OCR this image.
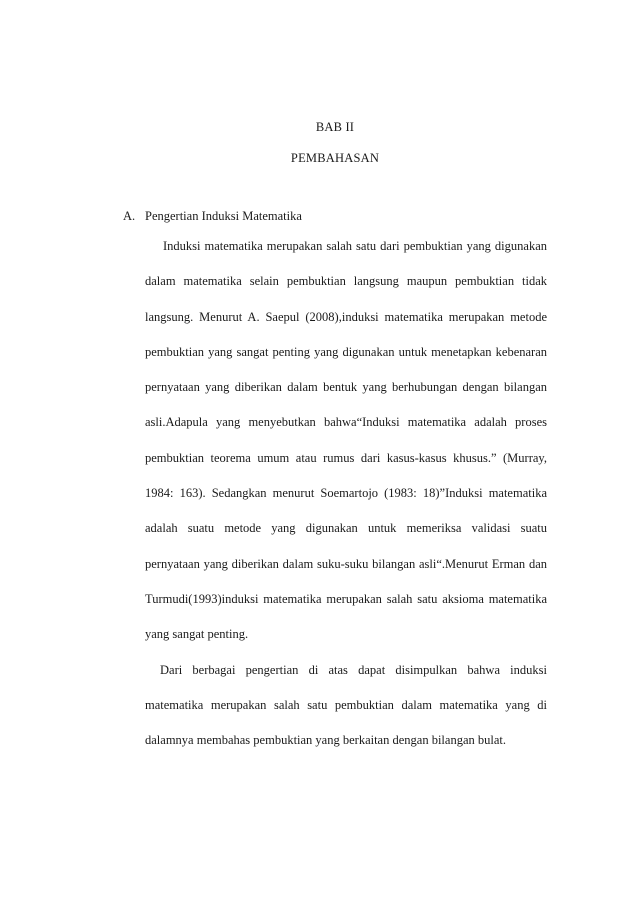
BAB II
PEMBAHASAN
A. Pengertian Induksi Matematika

Induksi matematika merupakan salah satu dari pembuktian yang digunakan dalam matematika selain pembuktian langsung maupun pembuktian tidak langsung. Menurut A. Saepul (2008),induksi matematika merupakan metode pembuktian yang sangat penting yang digunakan untuk menetapkan kebenaran pernyataan yang diberikan dalam bentuk yang berhubungan dengan bilangan asli.Adapula yang menyebutkan bahwa“Induksi matematika adalah proses pembuktian teorema umum atau rumus dari kasus-kasus khusus.” (Murray, 1984: 163). Sedangkan menurut Soemartojo (1983: 18)”Induksi matematika adalah suatu metode yang digunakan untuk memeriksa validasi suatu pernyataan yang diberikan dalam suku-suku bilangan asli“.Menurut Erman dan Turmudi(1993)induksi matematika merupakan salah satu aksioma matematika yang sangat penting.

Dari berbagai pengertian di atas dapat disimpulkan bahwa induksi matematika merupakan salah satu pembuktian dalam matematika yang di dalamnya membahas pembuktian yang berkaitan dengan bilangan bulat.
